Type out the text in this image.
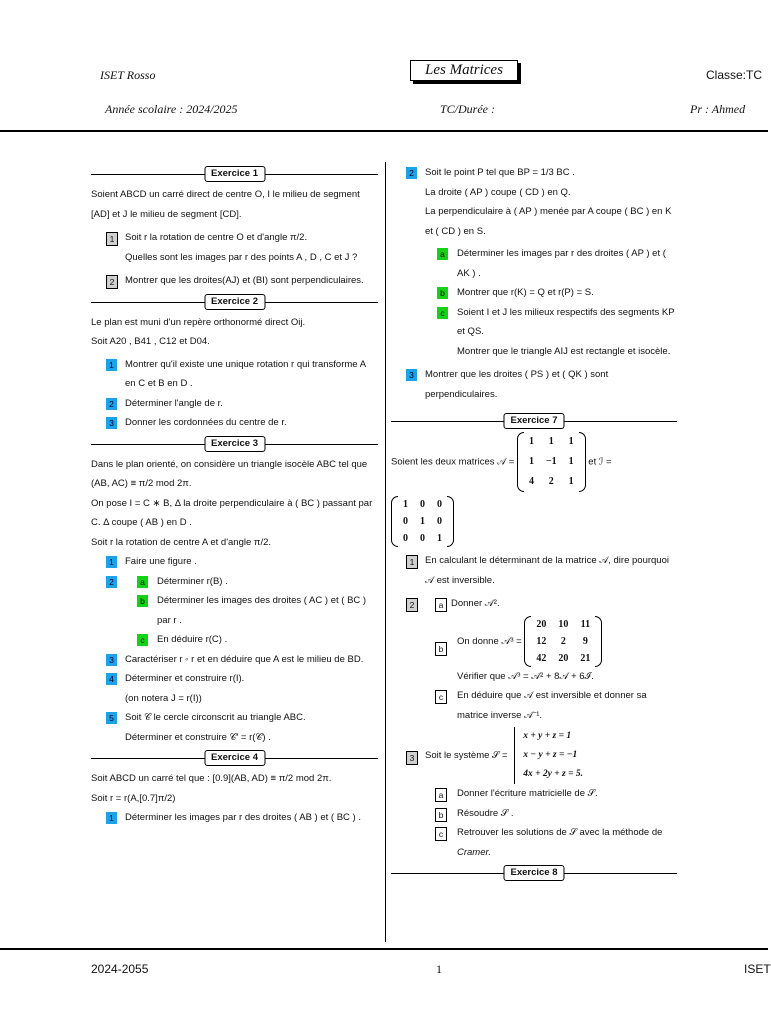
ISET Rosso	Les Matrices	Classe:TC
Année scolaire : 2024/2025	TC/Durée :	Pr : Ahmed
Exercice 1

Soient ABCD un carré direct de centre O, I le milieu de segment [AD] et J le milieu de segment [CD].

1	Soit r la rotation de centre O et d'angle π/2.

Quelles sont les images par r des points A , D , C et J ?

2	Montrer que les droites(AJ) et (BI) sont perpendiculaires.

Exercice 2

Le plan est muni d'un repère orthonormé direct Oij.

Soit A20 , B41 , C12 et D04.

1	Montrer qu'il existe une unique rotation r qui transforme A en C et B en D .

2	Déterminer l'angle de r.

3	Donner les cordonnées du centre de r.

Exercice 3

Dans le plan orienté, on considère un triangle isocèle ABC tel que (AB, AC) ≡ π/2 mod 2π.

On pose I = C ∗ B, Δ la droite perpendiculaire à ( BC ) passant par C. Δ coupe ( AB ) en D .

Soit r la rotation de centre A et d'angle π/2.

1	Faire une figure .

2	a	Déterminer r(B) .

b	Déterminer les images des droites ( AC ) et ( BC ) par r .

c	En déduire r(C) .

3	Caractériser r ◦ r et en déduire que A est le milieu de BD.

4	Déterminer et construire r(I).

(on notera J = r(I))

5	Soit 𝒞 le cercle circonscrit au triangle ABC.

Déterminer et construire 𝒞′ = r(𝒞) .

Exercice 4

Soit ABCD un carré tel que : [0.9](AB, AD) ≡ π/2 mod 2π.

Soit r = r(A,[0.7]π/2)

1	Déterminer les images par r des droites ( AB ) et ( BC ) .

2	Soit le point P tel que BP = 1/3 BC .

La droite ( AP ) coupe ( CD ) en Q.

La perpendiculaire à ( AP ) menée par A coupe ( BC ) en K et ( CD ) en S.

a	Déterminer les images par r des droites ( AP ) et ( AK ) .

b	Montrer que r(K) = Q et r(P) = S.

c	Soient I et J les milieux respectifs des segments KP et QS.

Montrer que le triangle AIJ est rectangle et isocèle.

3	Montrer que les droites ( PS ) et ( QK ) sont perpendiculaires.

Exercice 7
Soient les deux matrices 𝒜 =
1	1	1
1	−1	1
4	2	1
et ℐ =
1	0	0
0	1	0
0	0	1

1	En calculant le déterminant de la matrice 𝒜, dire pourquoi 𝒜 est inversible.

2	a Donner 𝒜².

b
On donne 𝒜³ =
20	10	11
12	2	9
42	20	21

Vérifier que 𝒜³ = 𝒜² + 8𝒜 + 6ℐ.

c	En déduire que 𝒜 est inversible et donner sa matrice inverse 𝒜⁻¹.

3	Soit le système 𝒮 =
x + y + z = 1
x − y + z = −1
4x + 2y + z = 5.

a	Donner l'écriture matricielle de 𝒮.

b	Résoudre 𝒮 .

c	Retrouver les solutions de 𝒮 avec la méthode de

Cramer.

Exercice 8
2024-2055	1	ISET
